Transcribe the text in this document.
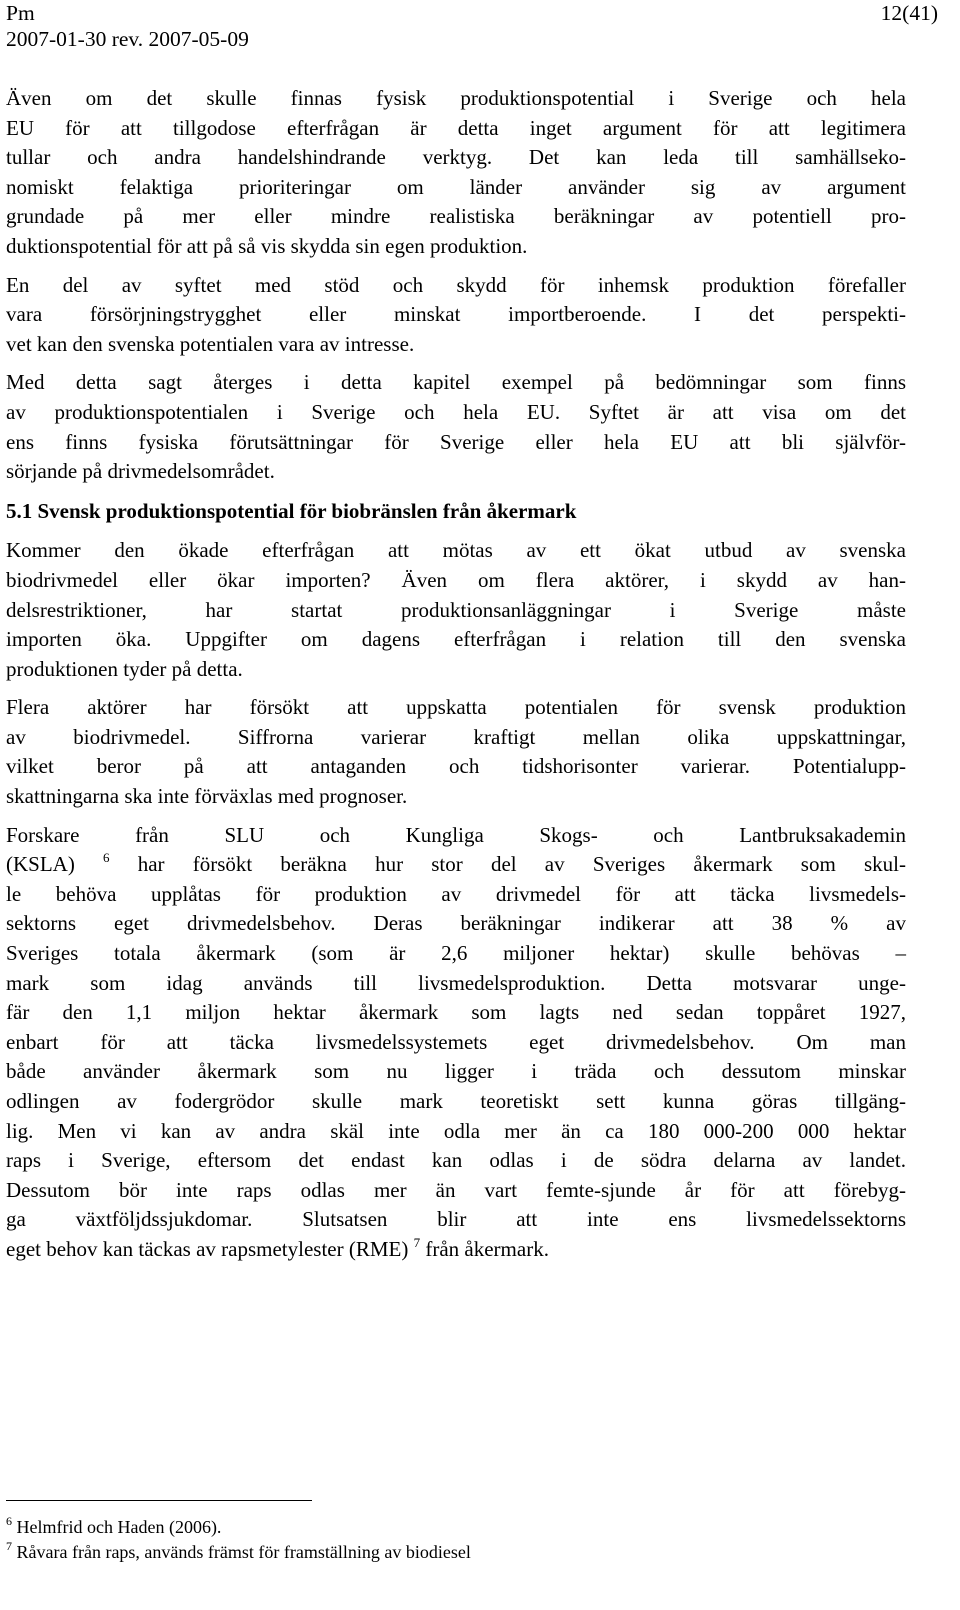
Pm
2007-01-30 rev. 2007-05-09
12(41)
Även om det skulle finnas fysisk produktionspotential i Sverige och hela
EU för att tillgodose efterfrågan är detta inget argument för att legitimera
tullar och andra handelshindrande verktyg. Det kan leda till samhällseko-
nomiskt felaktiga prioriteringar om länder använder sig av argument
grundade på mer eller mindre realistiska beräkningar av potentiell pro-
duktionspotential för att på så vis skydda sin egen produktion.
En del av syftet med stöd och skydd för inhemsk produktion förefaller
vara försörjningstrygghet eller minskat importberoende. I det perspekti-
vet kan den svenska potentialen vara av intresse.
Med detta sagt återges i detta kapitel exempel på bedömningar som finns
av produktionspotentialen i Sverige och hela EU. Syftet är att visa om det
ens finns fysiska förutsättningar för Sverige eller hela EU att bli självför-
sörjande på drivmedelsområdet.
5.1 Svensk produktionspotential för biobränslen från åkermark
Kommer den ökade efterfrågan att mötas av ett ökat utbud av svenska
biodrivmedel eller ökar importen? Även om flera aktörer, i skydd av han-
delsrestriktioner, har startat produktionsanläggningar i Sverige måste
importen öka. Uppgifter om dagens efterfrågan i relation till den svenska
produktionen tyder på detta.
Flera aktörer har försökt att uppskatta potentialen för svensk produktion
av biodrivmedel. Siffrorna varierar kraftigt mellan olika uppskattningar,
vilket beror på att antaganden och tidshorisonter varierar. Potentialupp-
skattningarna ska inte förväxlas med prognoser.
Forskare från SLU och Kungliga Skogs- och Lantbruksakademin
(KSLA) $^6$ har försökt beräkna hur stor del av Sveriges åkermark som skul-
le behöva upplåtas för produktion av drivmedel för att täcka livsmedels-
sektorns eget drivmedelsbehov. Deras beräkningar indikerar att 38 % av
Sveriges totala åkermark (som är 2,6 miljoner hektar) skulle behövas –
mark som idag används till livsmedelsproduktion. Detta motsvarar unge-
fär den 1,1 miljon hektar åkermark som lagts ned sedan toppåret 1927,
enbart för att täcka livsmedelssystemets eget drivmedelsbehov. Om man
både använder åkermark som nu ligger i träda och dessutom minskar
odlingen av fodergrödor skulle mark teoretiskt sett kunna göras tillgäng-
lig. Men vi kan av andra skäl inte odla mer än ca 180 000-200 000 hektar
raps i Sverige, eftersom det endast kan odlas i de södra delarna av landet.
Dessutom bör inte raps odlas mer än vart femte-sjunde år för att förebyg-
ga växtföljdssjukdomar. Slutsatsen blir att inte ens livsmedelssektorns
eget behov kan täckas av rapsmetylester (RME) $^7$ från åkermark.
$^6$ Helmfrid och Haden (2006).
$^7$ Råvara från raps, används främst för framställning av biodiesel
